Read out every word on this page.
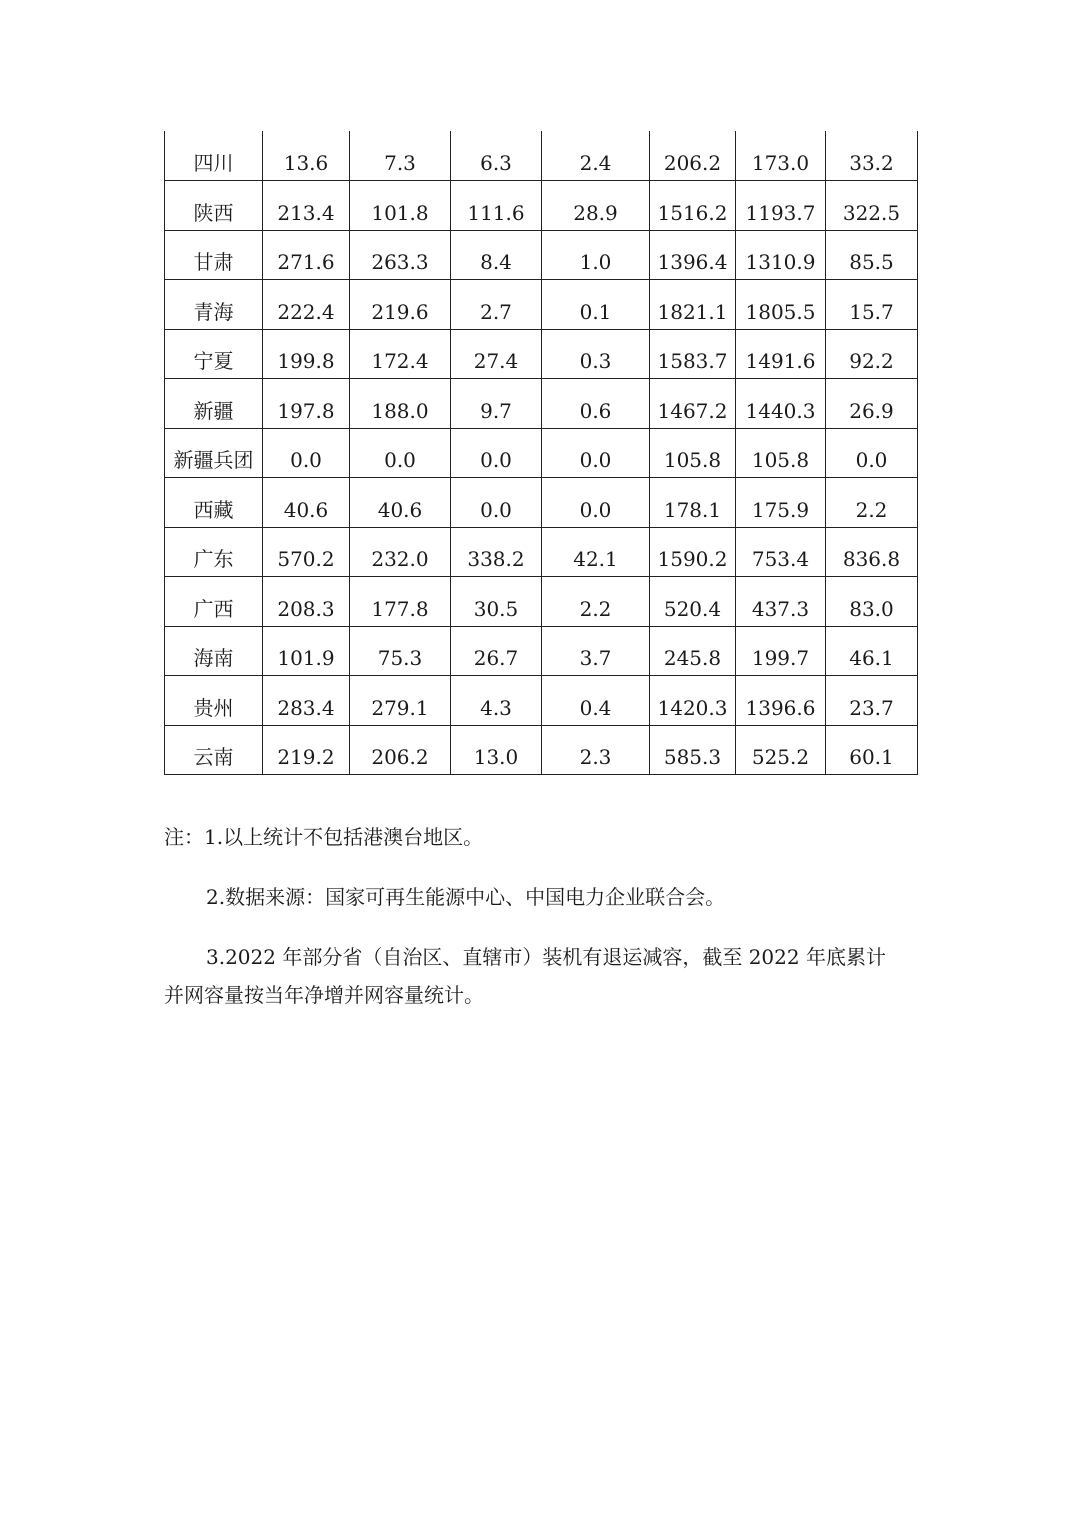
四川	13.6	7.3	6.3	2.4	206.2	173.0	33.2
陕西	213.4	101.8	111.6	28.9	1516.2	1193.7	322.5
甘肃	271.6	263.3	8.4	1.0	1396.4	1310.9	85.5
青海	222.4	219.6	2.7	0.1	1821.1	1805.5	15.7
宁夏	199.8	172.4	27.4	0.3	1583.7	1491.6	92.2
新疆	197.8	188.0	9.7	0.6	1467.2	1440.3	26.9
新疆兵团	0.0	0.0	0.0	0.0	105.8	105.8	0.0
西藏	40.6	40.6	0.0	0.0	178.1	175.9	2.2
广东	570.2	232.0	338.2	42.1	1590.2	753.4	836.8
广西	208.3	177.8	30.5	2.2	520.4	437.3	83.0
海南	101.9	75.3	26.7	3.7	245.8	199.7	46.1
贵州	283.4	279.1	4.3	0.4	1420.3	1396.6	23.7
云南	219.2	206.2	13.0	2.3	585.3	525.2	60.1

注：1.以上统计不包括港澳台地区。

2.数据来源：国家可再生能源中心、中国电力企业联合会。

3.2022 年部分省（自治区、直辖市）装机有退运减容，截至 2022 年底累计

并网容量按当年净增并网容量统计。
